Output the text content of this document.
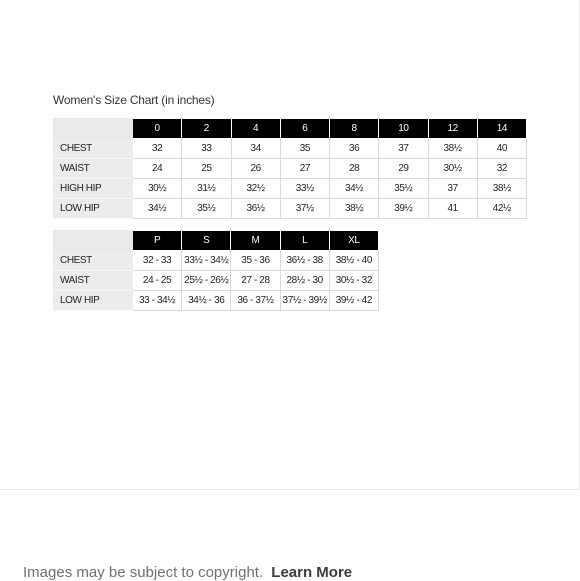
Women's Size Chart (in inches)
	0	2	4	6	8	10	12	14
CHEST	32	33	34	35	36	37	38½	40
WAIST	24	25	26	27	28	29	30½	32
HIGH HIP	30½	31½	32½	33½	34½	35½	37	38½
LOW HIP	34½	35½	36½	37½	38½	39½	41	42½
	P	S	M	L	XL
CHEST	32 - 33	33½ - 34½	35 - 36	36½ - 38	38½ - 40
WAIST	24 - 25	25½ - 26½	27 - 28	28½ - 30	30½ - 32
LOW HIP	33 - 34½	34½ - 36	36 - 37½	37½ - 39½	39½ - 42
Images may be subject to copyright. Learn More
